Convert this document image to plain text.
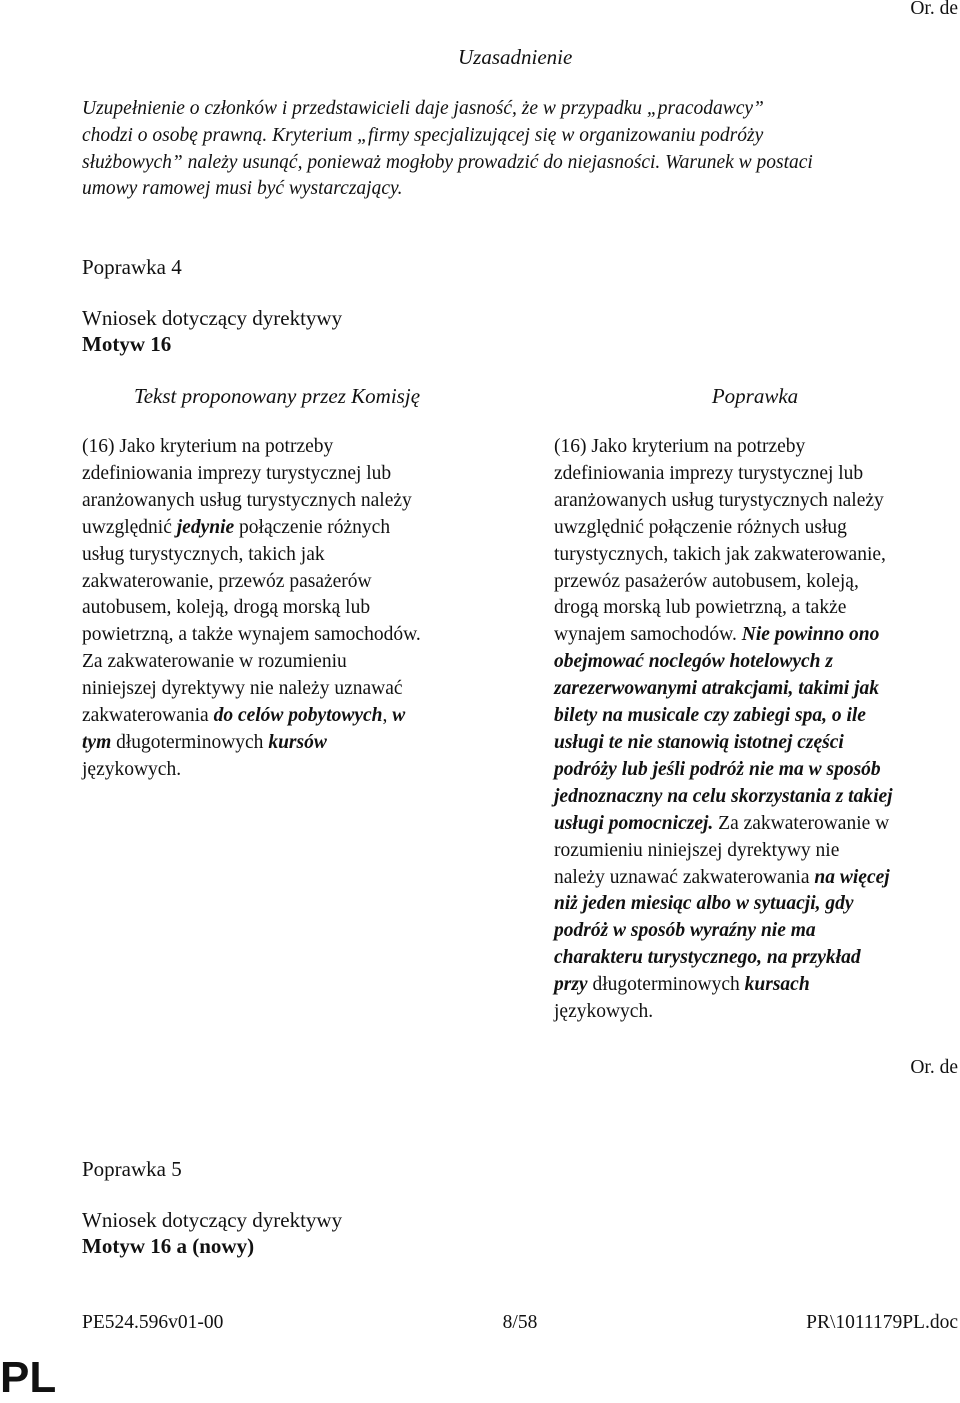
Or. de
Uzasadnienie
Uzupełnienie o członków i przedstawicieli daje jasność, że w przypadku „pracodawcy”
chodzi o osobę prawną. Kryterium „firmy specjalizującej się w organizowaniu podróży
służbowych” należy usunąć, ponieważ mogłoby prowadzić do niejasności. Warunek w postaci
umowy ramowej musi być wystarczający.
Poprawka 4
Wniosek dotyczący dyrektywy
Motyw 16
Tekst proponowany przez Komisję	Poprawka
(16) Jako kryterium na potrzeby
zdefiniowania imprezy turystycznej lub
aranżowanych usług turystycznych należy
uwzględnić jedynie połączenie różnych
usług turystycznych, takich jak
zakwaterowanie, przewóz pasażerów
autobusem, koleją, drogą morską lub
powietrzną, a także wynajem samochodów.
Za zakwaterowanie w rozumieniu
niniejszej dyrektywy nie należy uznawać
zakwaterowania do celów pobytowych, w
tym długoterminowych kursów
językowych.
(16) Jako kryterium na potrzeby
zdefiniowania imprezy turystycznej lub
aranżowanych usług turystycznych należy
uwzględnić połączenie różnych usług
turystycznych, takich jak zakwaterowanie,
przewóz pasażerów autobusem, koleją,
drogą morską lub powietrzną, a także
wynajem samochodów. Nie powinno ono
obejmować noclegów hotelowych z
zarezerwowanymi atrakcjami, takimi jak
bilety na musicale czy zabiegi spa, o ile
usługi te nie stanowią istotnej części
podróży lub jeśli podróż nie ma w sposób
jednoznaczny na celu skorzystania z takiej
usługi pomocniczej. Za zakwaterowanie w
rozumieniu niniejszej dyrektywy nie
należy uznawać zakwaterowania na więcej
niż jeden miesiąc albo w sytuacji, gdy
podróż w sposób wyraźny nie ma
charakteru turystycznego, na przykład
przy długoterminowych kursach
językowych.
Or. de
Poprawka 5
Wniosek dotyczący dyrektywy
Motyw 16 a (nowy)
PE524.596v01-00	8/58	PR\1011179PL.doc
PL
